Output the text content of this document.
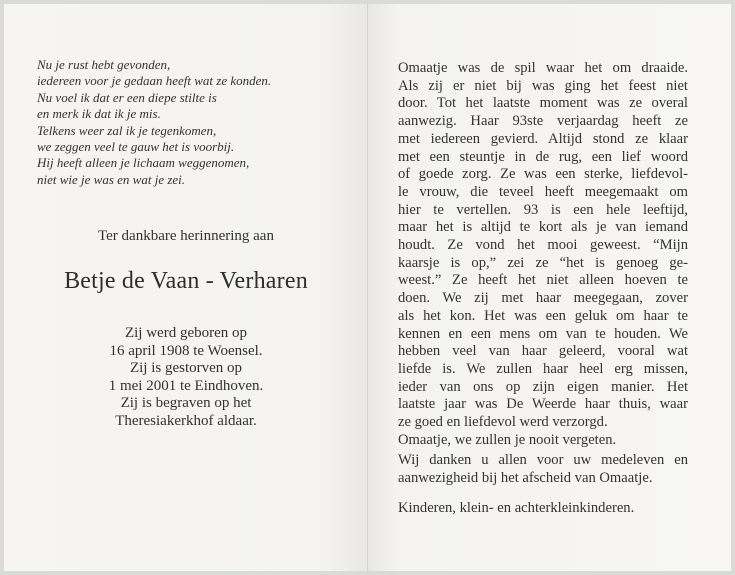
Nu je rust hebt gevonden,
iedereen voor je gedaan heeft wat ze konden.
Nu voel ik dat er een diepe stilte is
en merk ik dat ik je mis.
Telkens weer zal ik je tegenkomen,
we zeggen veel te gauw het is voorbij.
Hij heeft alleen je lichaam weggenomen,
niet wie je was en wat je zei.
Ter dankbare herinnering aan
Betje de Vaan - Verharen
Zij werd geboren op
16 april 1908 te Woensel.
Zij is gestorven op
1 mei 2001 te Eindhoven.
Zij is begraven op het
Theresiakerkhof aldaar.
Omaatje was de spil waar het om draaide.
Als zij er niet bij was ging het feest niet
door. Tot het laatste moment was ze overal
aanwezig. Haar 93ste verjaardag heeft ze
met iedereen gevierd. Altijd stond ze klaar
met een steuntje in de rug, een lief woord
of goede zorg. Ze was een sterke, liefdevol-
le vrouw, die teveel heeft meegemaakt om
hier te vertellen. 93 is een hele leeftijd,
maar het is altijd te kort als je van iemand
houdt. Ze vond het mooi geweest. “Mijn
kaarsje is op,” zei ze “het is genoeg ge-
weest.” Ze heeft het niet alleen hoeven te
doen. We zij met haar meegegaan, zover
als het kon. Het was een geluk om haar te
kennen en een mens om van te houden. We
hebben veel van haar geleerd, vooral wat
liefde is. We zullen haar heel erg missen,
ieder van ons op zijn eigen manier. Het
laatste jaar was De Weerde haar thuis, waar
ze goed en liefdevol werd verzorgd.
Omaatje, we zullen je nooit vergeten.
Wij danken u allen voor uw medeleven en
aanwezigheid bij het afscheid van Omaatje.
Kinderen, klein- en achterkleinkinderen.
